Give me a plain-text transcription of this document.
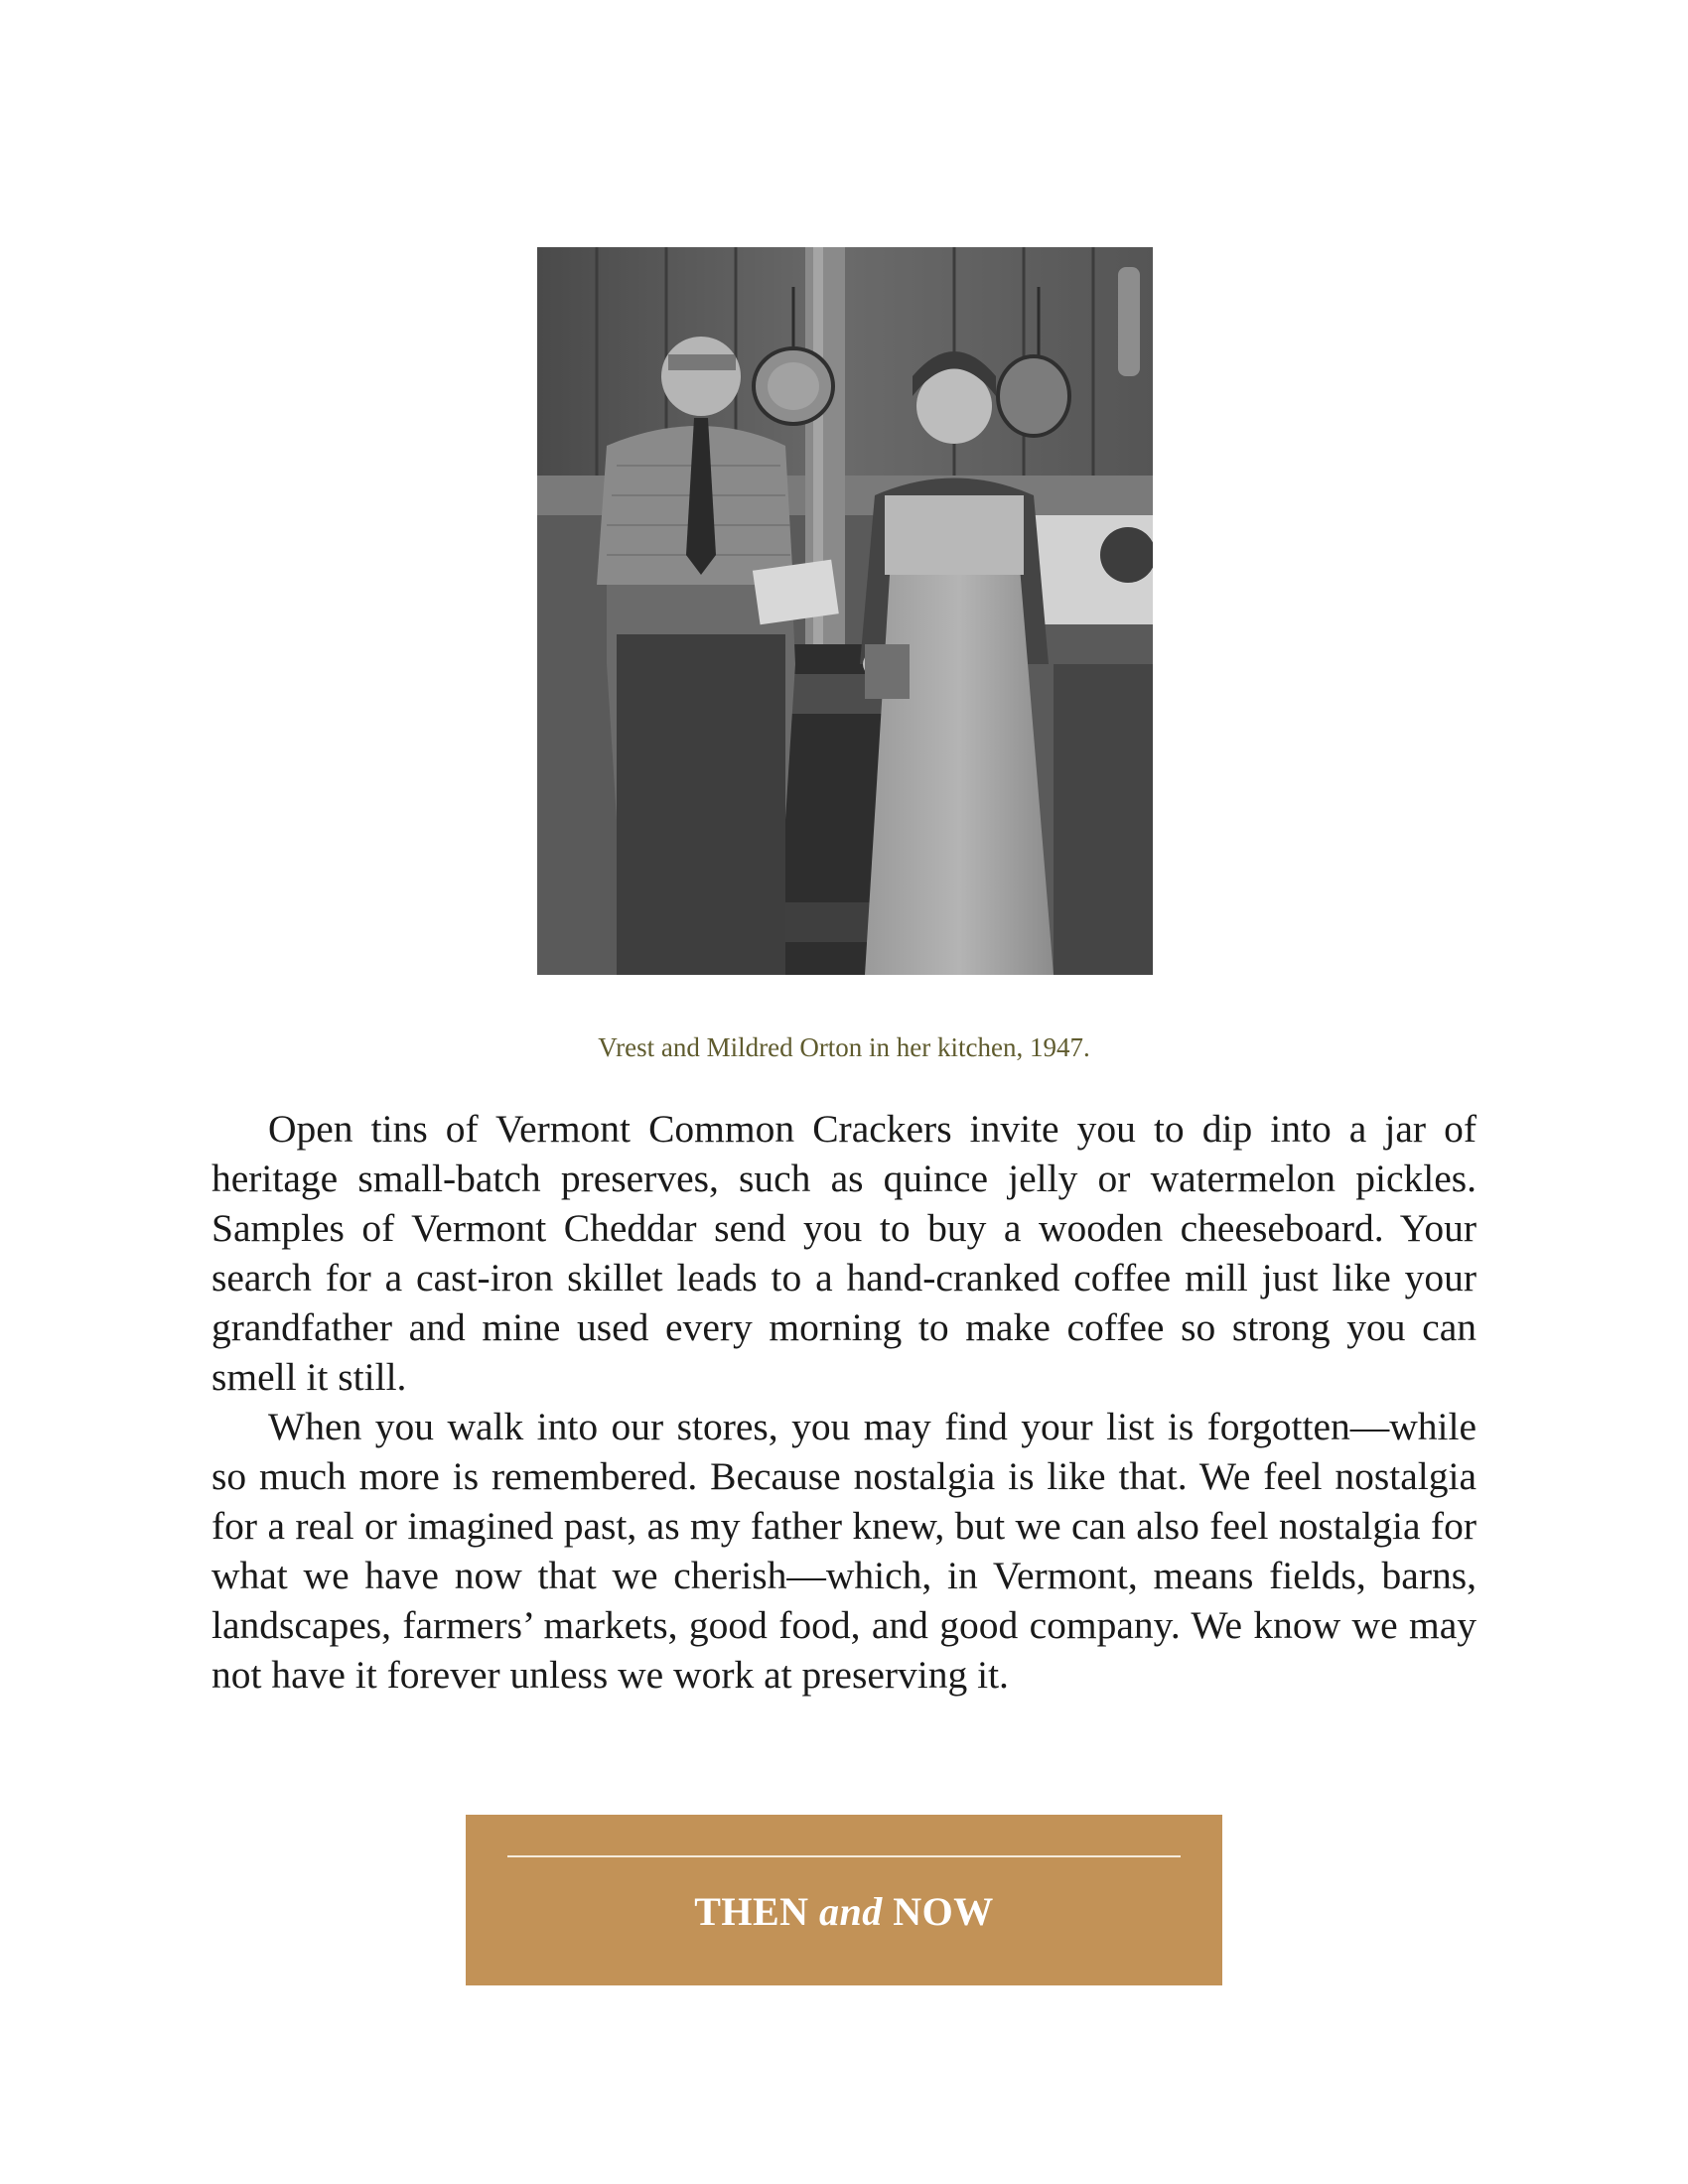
Vrest and Mildred Orton in her kitchen, 1947.

Open tins of Vermont Common Crackers invite you to dip into a jar of heritage small-batch preserves, such as quince jelly or watermelon pickles. Samples of Vermont Cheddar send you to buy a wooden cheeseboard. Your search for a cast-iron skillet leads to a hand-cranked coffee mill just like your grandfather and mine used every morning to make coffee so strong you can smell it still.

When you walk into our stores, you may find your list is forgotten—while so much more is remembered. Because nostalgia is like that. We feel nostalgia for a real or imagined past, as my father knew, but we can also feel nostalgia for what we have now that we cherish—which, in Vermont, means fields, barns, landscapes, farmers’ markets, good food, and good company. We know we may not have it forever unless we work at preserving it.

THEN and NOW
